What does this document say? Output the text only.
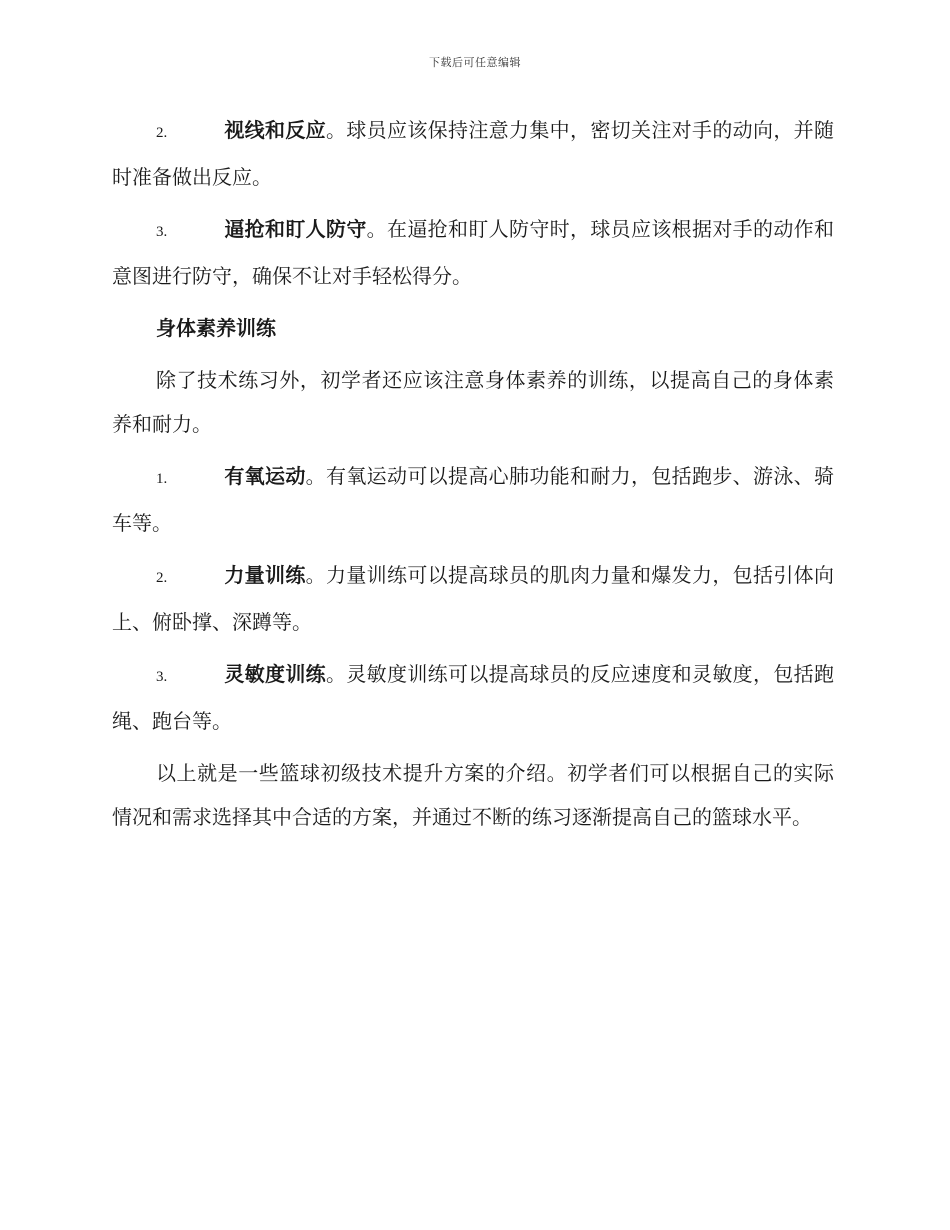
下载后可任意编辑

2.	视线和反应。球员应该保持注意力集中，密切关注对手的动向，并随时准备做出反应。

3.	逼抢和盯人防守。在逼抢和盯人防守时，球员应该根据对手的动作和意图进行防守，确保不让对手轻松得分。

身体素养训练

除了技术练习外，初学者还应该注意身体素养的训练，以提高自己的身体素养和耐力。

1.	有氧运动。有氧运动可以提高心肺功能和耐力，包括跑步、游泳、骑车等。

2.	力量训练。力量训练可以提高球员的肌肉力量和爆发力，包括引体向上、俯卧撑、深蹲等。

3.	灵敏度训练。灵敏度训练可以提高球员的反应速度和灵敏度，包括跑绳、跑台等。

以上就是一些篮球初级技术提升方案的介绍。初学者们可以根据自己的实际情况和需求选择其中合适的方案，并通过不断的练习逐渐提高自己的篮球水平。
